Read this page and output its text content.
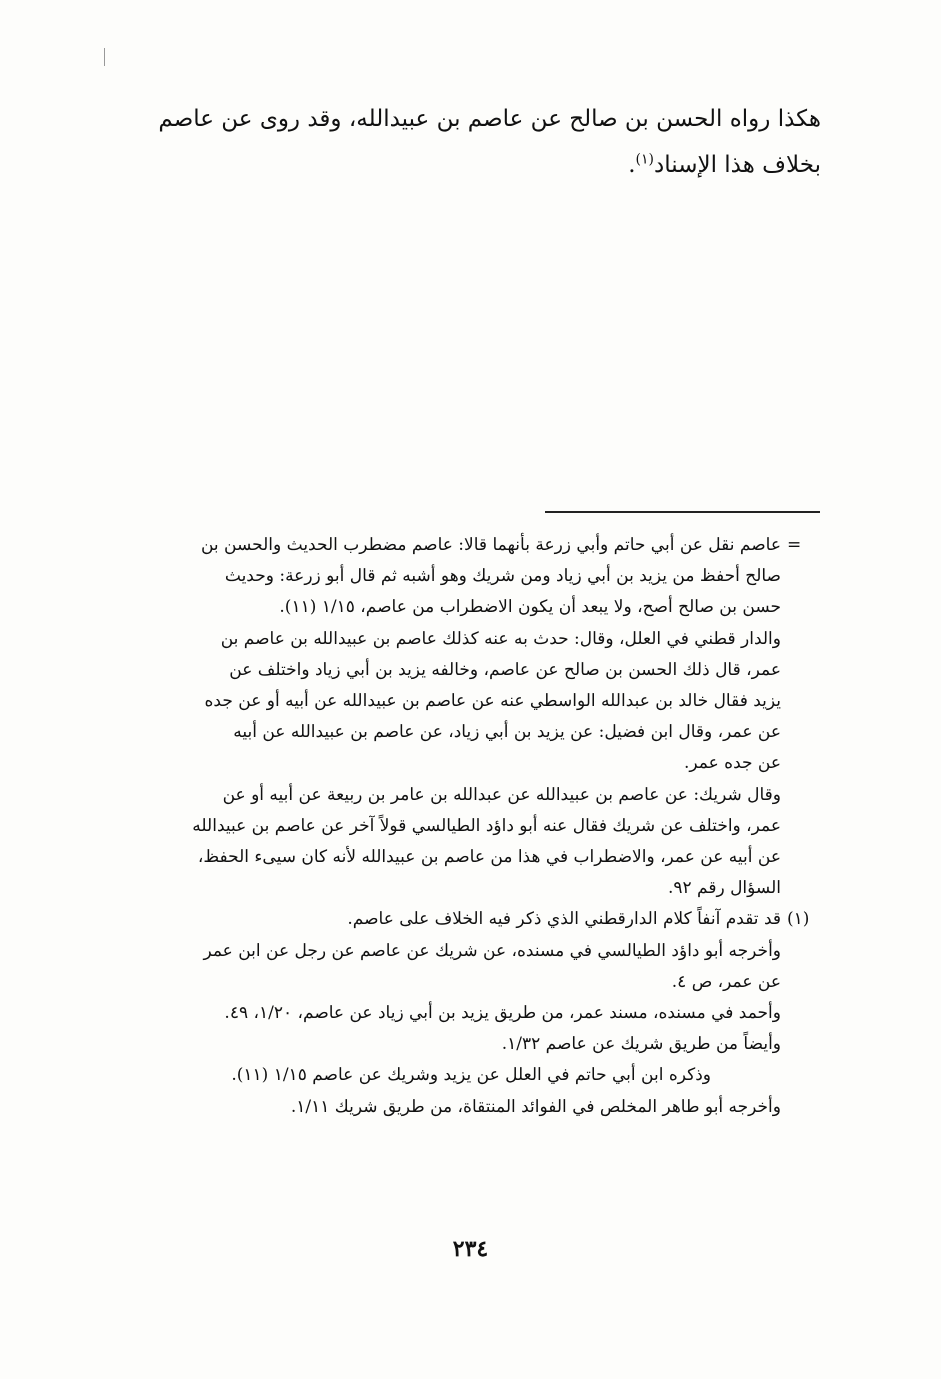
هكذا رواه الحسن بن صالح عن عاصم بن عبيدالله، وقد روى عن عاصم
بخلاف هذا الإسناد$^{(١)}$.
=
عاصم نقل عن أبي حاتم وأبي زرعة بأنهما قالا: عاصم مضطرب الحديث والحسن بن
صالح أحفظ من يزيد بن أبي زياد ومن شريك وهو أشبه ثم قال أبو زرعة: وحديث
حسن بن صالح أصح، ولا يبعد أن يكون الاضطراب من عاصم، ١/١٥ (١١).
والدار قطني في العلل، وقال: حدث به عنه كذلك عاصم بن عبيدالله بن عاصم بن
عمر، قال ذلك الحسن بن صالح عن عاصم، وخالفه يزيد بن أبي زياد واختلف عن
يزيد فقال خالد بن عبدالله الواسطي عنه عن عاصم بن عبيدالله عن أبيه أو عن جده
عن عمر، وقال ابن فضيل: عن يزيد بن أبي زياد، عن عاصم بن عبيدالله عن أبيه
عن جده عمر.
وقال شريك: عن عاصم بن عبيدالله عن عبدالله بن عامر بن ربيعة عن أبيه أو عن
عمر، واختلف عن شريك فقال عنه أبو داؤد الطيالسي قولاً آخر عن عاصم بن عبيدالله
عن أبيه عن عمر، والاضطراب في هذا من عاصم بن عبيدالله لأنه كان سيىء الحفظ،
السؤال رقم ٩٢.
(١)
قد تقدم آنفاً كلام الدارقطني الذي ذكر فيه الخلاف على عاصم.
وأخرجه أبو داؤد الطيالسي في مسنده، عن شريك عن عاصم عن رجل عن ابن عمر
عن عمر، ص ٤.
وأحمد في مسنده، مسند عمر، من طريق يزيد بن أبي زياد عن عاصم، ١/٢٠، ٤٩.
وأيضاً من طريق شريك عن عاصم ١/٣٢.
وذكره ابن أبي حاتم في العلل عن يزيد وشريك عن عاصم ١/١٥ (١١).
وأخرجه أبو طاهر المخلص في الفوائد المنتقاة، من طريق شريك ١/١١.
٢٣٤
